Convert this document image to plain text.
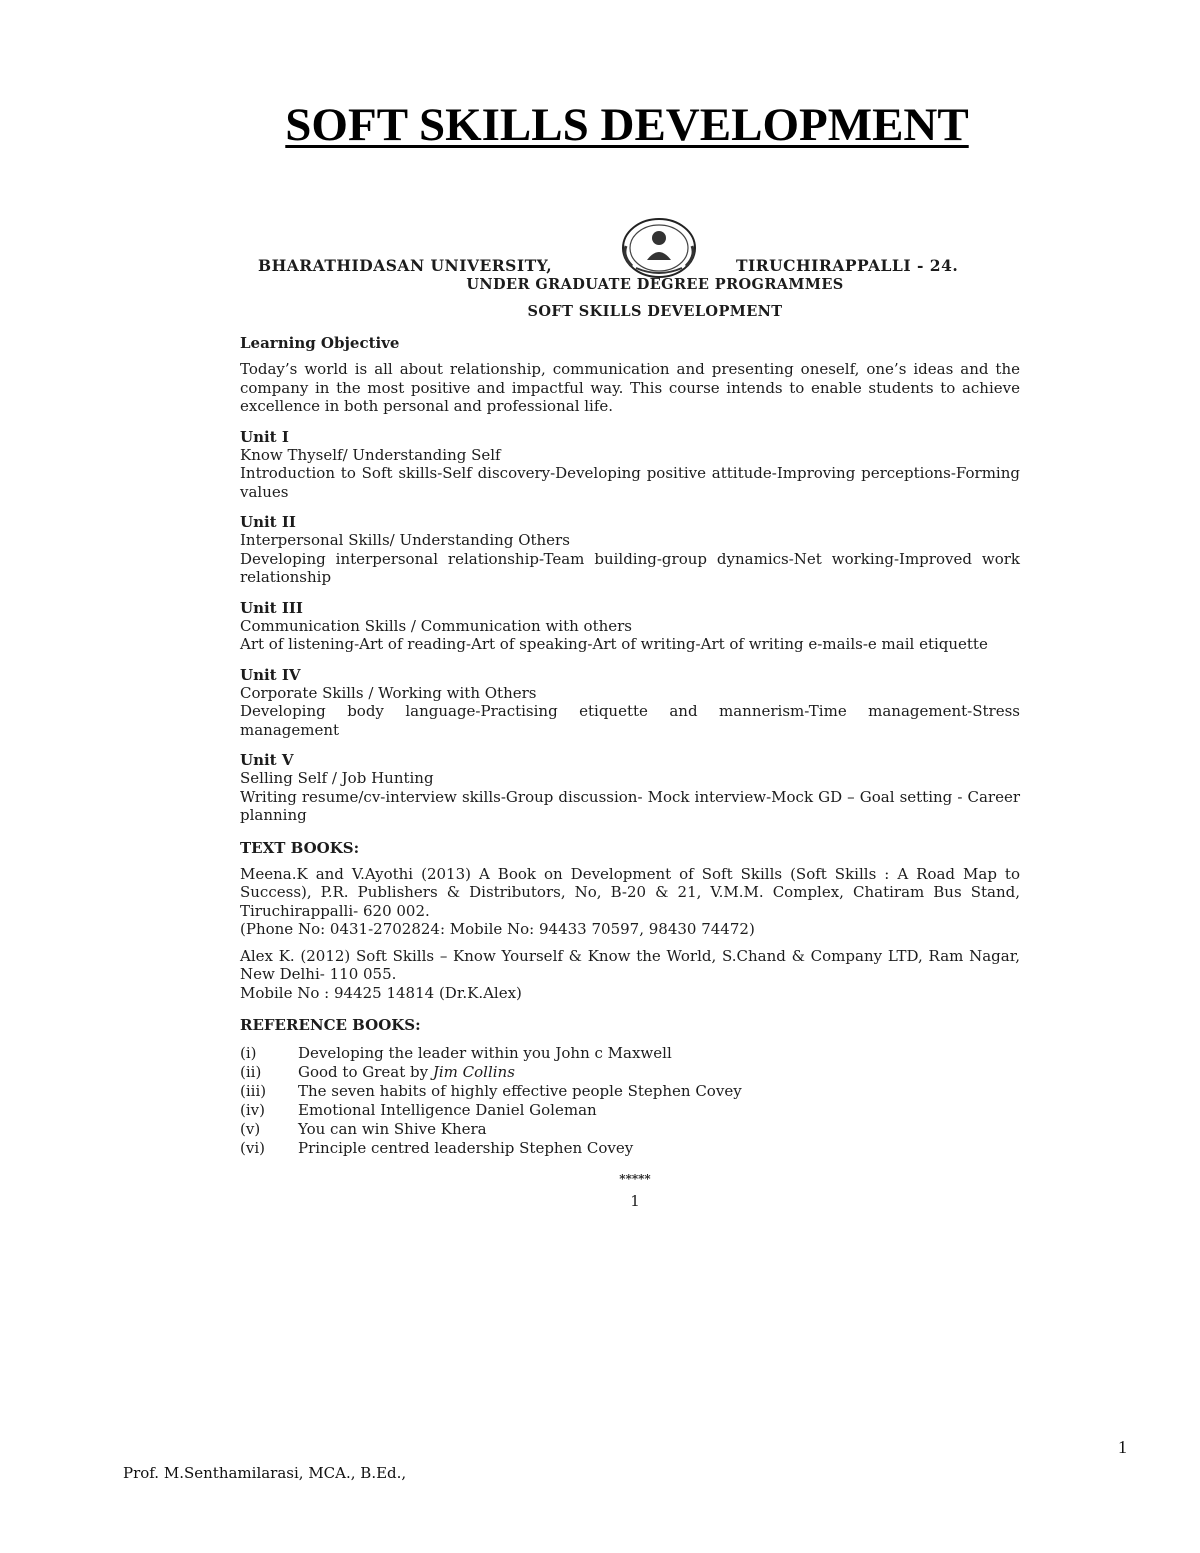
SOFT SKILLS DEVELOPMENT
BHARATHIDASAN UNIVERSITY,	TIRUCHIRAPPALLI - 24.
UNDER GRADUATE DEGREE PROGRAMMES
SOFT SKILLS DEVELOPMENT
Learning Objective

Today’s world is all about relationship, communication and presenting oneself, one’s ideas and the company in the most positive and impactful way. This course intends to enable students to achieve excellence in both personal and professional life.

Unit I
Know Thyself/ Understanding Self
Introduction to Soft skills-Self discovery-Developing positive attitude-Improving perceptions-Forming values
Unit II
Interpersonal Skills/ Understanding Others
Developing interpersonal relationship-Team building-group dynamics-Net working-Improved work relationship
Unit III
Communication Skills / Communication with others
Art of listening-Art of reading-Art of speaking-Art of writing-Art of writing e-mails-e mail etiquette
Unit IV
Corporate Skills / Working with Others
Developing body language-Practising etiquette and mannerism-Time management-Stress management
Unit V
Selling Self / Job Hunting
Writing resume/cv-interview skills-Group discussion- Mock interview-Mock GD – Goal setting - Career planning
TEXT BOOKS:
Meena.K and V.Ayothi (2013) A Book on Development of Soft Skills (Soft Skills : A Road Map to Success), P.R. Publishers & Distributors, No, B-20 & 21, V.M.M. Complex, Chatiram Bus Stand, Tiruchirappalli- 620 002.
(Phone No: 0431-2702824: Mobile No: 94433 70597, 98430 74472)
Alex K. (2012) Soft Skills – Know Yourself & Know the World, S.Chand & Company LTD, Ram Nagar, New Delhi- 110 055.
Mobile No : 94425 14814 (Dr.K.Alex)
REFERENCE BOOKS:
(i)	Developing the leader within you John c Maxwell
(ii)	Good to Great by Jim Collins
(iii)	The seven habits of highly effective people Stephen Covey
(iv)	Emotional Intelligence Daniel Goleman
(v)	You can win Shive Khera
(vi)	Principle centred leadership Stephen Covey
*****
1
1
Prof. M.Senthamilarasi, MCA., B.Ed.,
